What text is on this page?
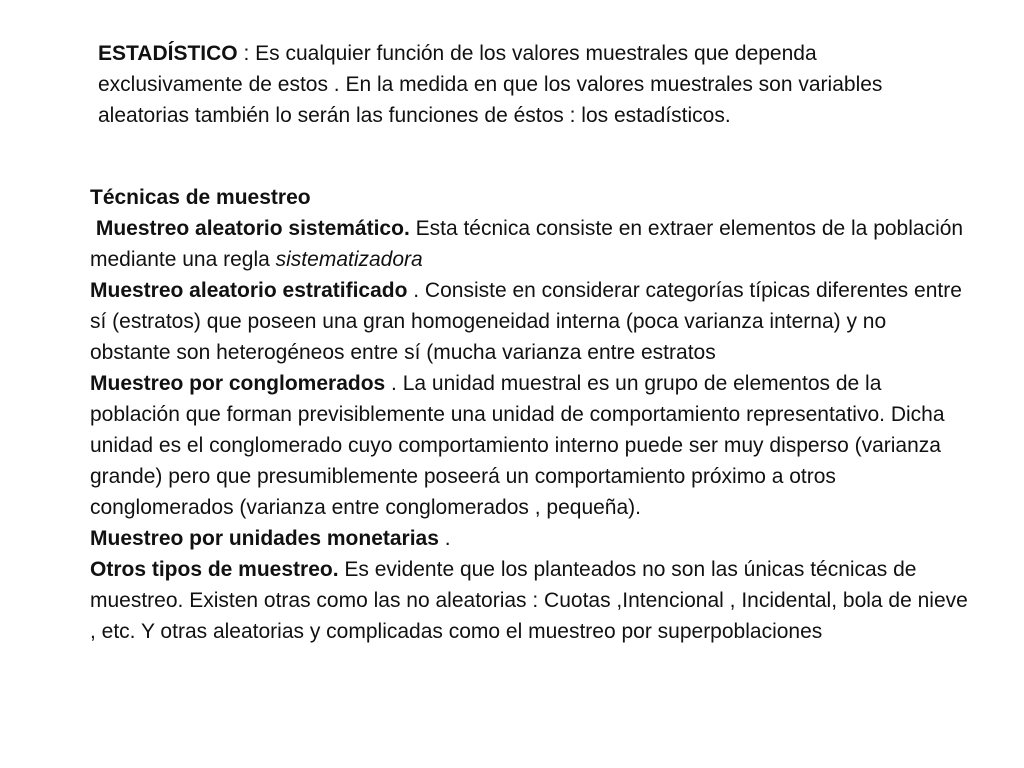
ESTADÍSTICO : Es cualquier función de los valores muestrales que dependa exclusivamente de estos . En la medida en que los valores muestrales son variables aleatorias también lo serán las funciones de éstos : los estadísticos.

Técnicas de muestreo

Muestreo aleatorio sistemático. Esta técnica consiste en extraer elementos de la población mediante una regla sistematizadora

Muestreo aleatorio estratificado . Consiste en considerar categorías típicas diferentes entre sí (estratos) que poseen una gran homogeneidad interna (poca varianza interna) y no obstante son heterogéneos entre sí (mucha varianza entre estratos

Muestreo por conglomerados . La unidad muestral es un grupo de elementos de la población que forman previsiblemente una unidad de comportamiento representativo. Dicha unidad es el conglomerado cuyo comportamiento interno puede ser muy disperso (varianza grande) pero que presumiblemente poseerá un comportamiento próximo a otros conglomerados (varianza entre conglomerados , pequeña).

Muestreo por unidades monetarias .

Otros tipos de muestreo. Es evidente que los planteados no son las únicas técnicas de muestreo. Existen otras como las no aleatorias : Cuotas ,Intencional , Incidental, bola de nieve , etc. Y otras aleatorias y complicadas como el muestreo por superpoblaciones
